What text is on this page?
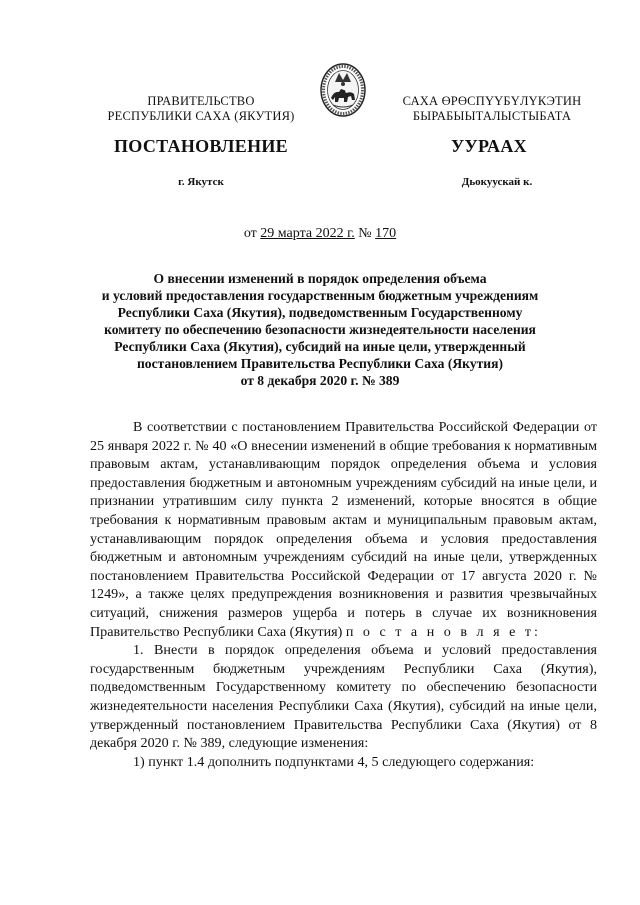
ПРАВИТЕЛЬСТВО
РЕСПУБЛИКИ САХА (ЯКУТИЯ)
САХА ӨРӨСПҮҮБҮЛҮКЭТИН
БЫРАБЫЫТАЛЫСТЫБАТА
ПОСТАНОВЛЕНИЕ	УУРААХ
г. Якутск	Дьокуускай к.
от 29 марта 2022 г. № 170
О внесении изменений в порядок определения объема
и условий предоставления государственным бюджетным учреждениям
Республики Саха (Якутия), подведомственным Государственному
комитету по обеспечению безопасности жизнедеятельности населения
Республики Саха (Якутия), субсидий на иные цели, утвержденный
постановлением Правительства Республики Саха (Якутия)
от 8 декабря 2020 г. № 389

В соответствии с постановлением Правительства Российской Федерации от 25 января 2022 г. № 40 «О внесении изменений в общие требования к нормативным правовым актам, устанавливающим порядок определения объема и условия предоставления бюджетным и автономным учреждениям субсидий на иные цели, и признании утратившим силу пункта 2 изменений, которые вносятся в общие требования к нормативным правовым актам и муниципальным правовым актам, устанавливающим порядок определения объема и условия предоставления бюджетным и автономным учреждениям субсидий на иные цели, утвержденных постановлением Правительства Российской Федерации от 17 августа 2020 г. № 1249», а также целях предупреждения возникновения и развития чрезвычайных ситуаций, снижения размеров ущерба и потерь в случае их возникновения Правительство Республики Саха (Якутия) п о с т а н о в л я е т:

1. Внести в порядок определения объема и условий предоставления государственным бюджетным учреждениям Республики Саха (Якутия), подведомственным Государственному комитету по обеспечению безопасности жизнедеятельности населения Республики Саха (Якутия), субсидий на иные цели, утвержденный постановлением Правительства Республики Саха (Якутия) от 8 декабря 2020 г. № 389, следующие изменения:

1) пункт 1.4 дополнить подпунктами 4, 5 следующего содержания:
